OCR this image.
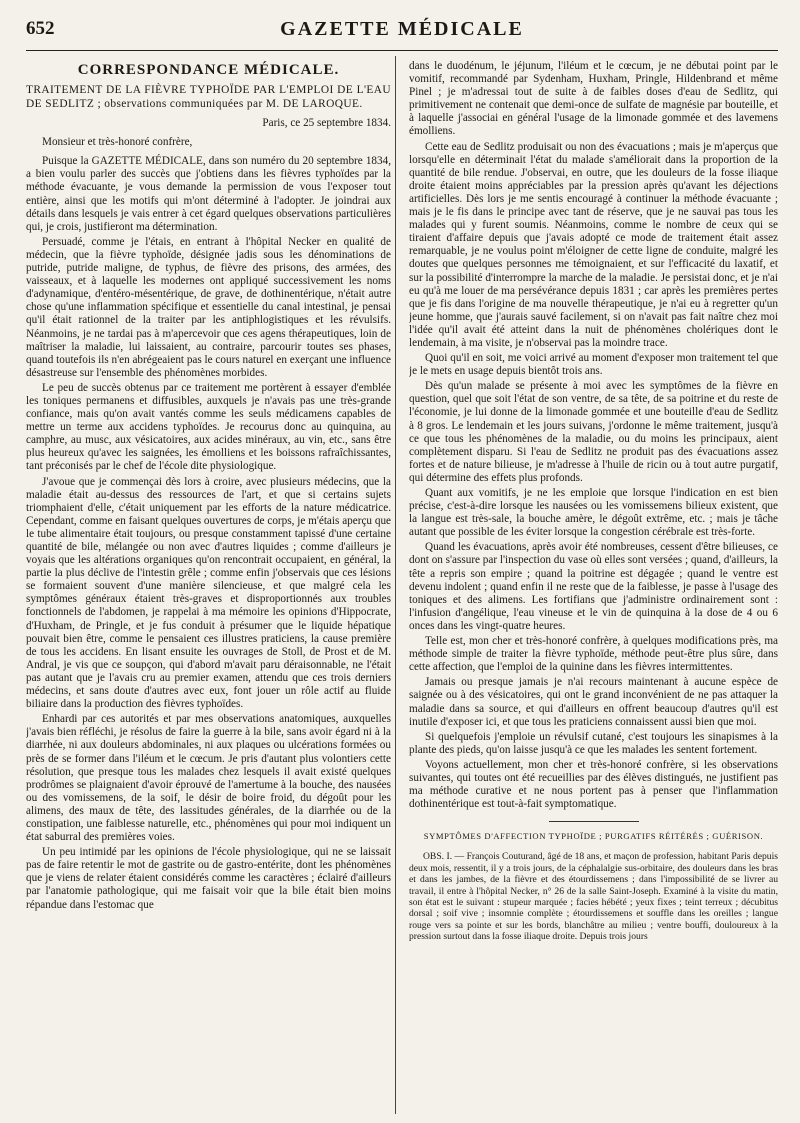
652	GAZETTE MÉDICALE
CORRESPONDANCE MÉDICALE.
TRAITEMENT DE LA FIÈVRE TYPHOÏDE PAR L'EMPLOI DE L'EAU DE SEDLITZ ; observations communiquées par M. DE LAROQUE.

Paris, ce 25 septembre 1834.

Monsieur et très-honoré confrère,

Puisque la GAZETTE MÉDICALE, dans son numéro du 20 septembre 1834, a bien voulu parler des succès que j'obtiens dans les fièvres typhoïdes par la méthode évacuante, je vous demande la permission de vous l'exposer tout entière, ainsi que les motifs qui m'ont déterminé à l'adopter. Je joindrai aux détails dans lesquels je vais entrer à cet égard quelques observations particulières qui, je crois, justifieront ma détermination.

Persuadé, comme je l'étais, en entrant à l'hôpital Necker en qualité de médecin, que la fièvre typhoïde, désignée jadis sous les dénominations de putride, putride maligne, de typhus, de fièvre des prisons, des armées, des vaisseaux, et à laquelle les modernes ont appliqué successivement les noms d'adynamique, d'entéro-mésentérique, de grave, de dothinentérique, n'était autre chose qu'une inflammation spécifique et essentielle du canal intestinal, je pensai qu'il était rationnel de la traiter par les antiphlogistiques et les révulsifs. Néanmoins, je ne tardai pas à m'apercevoir que ces agens thérapeutiques, loin de maîtriser la maladie, lui laissaient, au contraire, parcourir toutes ses phases, quand toutefois ils n'en abrégeaient pas le cours naturel en exerçant une influence désastreuse sur l'ensemble des phénomènes morbides.

Le peu de succès obtenus par ce traitement me portèrent à essayer d'emblée les toniques permanens et diffusibles, auxquels je n'avais pas une très-grande confiance, mais qu'on avait vantés comme les seuls médicamens capables de mettre un terme aux accidens typhoïdes. Je recourus donc au quinquina, au camphre, au musc, aux vésicatoires, aux acides minéraux, au vin, etc., sans être plus heureux qu'avec les saignées, les émolliens et les boissons rafraîchissantes, tant préconisés par le chef de l'école dite physiologique.

J'avoue que je commençai dès lors à croire, avec plusieurs médecins, que la maladie était au-dessus des ressources de l'art, et que si certains sujets triomphaient d'elle, c'était uniquement par les efforts de la nature médicatrice. Cependant, comme en faisant quelques ouvertures de corps, je m'étais aperçu que le tube alimentaire était toujours, ou presque constamment tapissé d'une certaine quantité de bile, mélangée ou non avec d'autres liquides ; comme d'ailleurs je voyais que les altérations organiques qu'on rencontrait occupaient, en général, la partie la plus déclive de l'intestin grêle ; comme enfin j'observais que ces lésions se formaient souvent d'une manière silencieuse, et que malgré cela les symptômes généraux étaient très-graves et disproportionnés aux troubles fonctionnels de l'abdomen, je rappelai à ma mémoire les opinions d'Hippocrate, d'Huxham, de Pringle, et je fus conduit à présumer que le liquide hépatique pouvait bien être, comme le pensaient ces illustres praticiens, la cause première de tous les accidens. En lisant ensuite les ouvrages de Stoll, de Prost et de M. Andral, je vis que ce soupçon, qui d'abord m'avait paru déraisonnable, ne l'était pas autant que je l'avais cru au premier examen, attendu que ces trois derniers médecins, et sans doute d'autres avec eux, font jouer un rôle actif au fluide biliaire dans la production des fièvres typhoïdes.

Enhardi par ces autorités et par mes observations anatomiques, auxquelles j'avais bien réfléchi, je résolus de faire la guerre à la bile, sans avoir égard ni à la diarrhée, ni aux douleurs abdominales, ni aux plaques ou ulcérations formées ou près de se former dans l'iléum et le cœcum. Je pris d'autant plus volontiers cette résolution, que presque tous les malades chez lesquels il avait existé quelques prodrômes se plaignaient d'avoir éprouvé de l'amertume à la bouche, des nausées ou des vomissemens, de la soif, le désir de boire froid, du dégoût pour les alimens, des maux de tête, des lassitudes générales, de la diarrhée ou de la constipation, une faiblesse naturelle, etc., phénomènes qui pour moi indiquent un état saburral des premières voies.

Un peu intimidé par les opinions de l'école physiologique, qui ne se laissait pas de faire retentir le mot de gastrite ou de gastro-entérite, dont les phénomènes que je viens de relater étaient considérés comme les caractères ; éclairé d'ailleurs par l'anatomie pathologique, qui me faisait voir que la bile était bien moins répandue dans l'estomac que

dans le duodénum, le jéjunum, l'iléum et le cœcum, je ne débutai point par le vomitif, recommandé par Sydenham, Huxham, Pringle, Hildenbrand et même Pinel ; je m'adressai tout de suite à de faibles doses d'eau de Sedlitz, qui primitivement ne contenait que demi-once de sulfate de magnésie par bouteille, et à laquelle j'associai en général l'usage de la limonade gommée et des lavemens émolliens.

Cette eau de Sedlitz produisait ou non des évacuations ; mais je m'aperçus que lorsqu'elle en déterminait l'état du malade s'améliorait dans la proportion de la quantité de bile rendue. J'observai, en outre, que les douleurs de la fosse iliaque droite étaient moins appréciables par la pression après qu'avant les déjections artificielles. Dès lors je me sentis encouragé à continuer la méthode évacuante ; mais je le fis dans le principe avec tant de réserve, que je ne sauvai pas tous les malades qui y furent soumis. Néanmoins, comme le nombre de ceux qui se tiraient d'affaire depuis que j'avais adopté ce mode de traitement était assez remarquable, je ne voulus point m'éloigner de cette ligne de conduite, malgré les doutes que quelques personnes me témoignaient, et sur l'efficacité du laxatif, et sur la possibilité d'interrompre la marche de la maladie. Je persistai donc, et je n'ai eu qu'à me louer de ma persévérance depuis 1831 ; car après les premières pertes que je fis dans l'origine de ma nouvelle thérapeutique, je n'ai eu à regretter qu'un jeune homme, que j'aurais sauvé facilement, si on n'avait pas fait naître chez moi l'idée qu'il avait été atteint dans la nuit de phénomènes cholériques dont le lendemain, à ma visite, je n'observai pas la moindre trace.

Quoi qu'il en soit, me voici arrivé au moment d'exposer mon traitement tel que je le mets en usage depuis bientôt trois ans.

Dès qu'un malade se présente à moi avec les symptômes de la fièvre en question, quel que soit l'état de son ventre, de sa tête, de sa poitrine et du reste de l'économie, je lui donne de la limonade gommée et une bouteille d'eau de Sedlitz à 8 gros. Le lendemain et les jours suivans, j'ordonne le même traitement, jusqu'à ce que tous les phénomènes de la maladie, ou du moins les principaux, aient complètement disparu. Si l'eau de Sedlitz ne produit pas des évacuations assez fortes et de nature bilieuse, je m'adresse à l'huile de ricin ou à tout autre purgatif, qui détermine des effets plus profonds.

Quant aux vomitifs, je ne les emploie que lorsque l'indication en est bien précise, c'est-à-dire lorsque les nausées ou les vomissemens bilieux existent, que la langue est très-sale, la bouche amère, le dégoût extrême, etc. ; mais je tâche autant que possible de les éviter lorsque la congestion cérébrale est très-forte.

Quand les évacuations, après avoir été nombreuses, cessent d'être bilieuses, ce dont on s'assure par l'inspection du vase où elles sont versées ; quand, d'ailleurs, la tête a repris son empire ; quand la poitrine est dégagée ; quand le ventre est devenu indolent ; quand enfin il ne reste que de la faiblesse, je passe à l'usage des toniques et des alimens. Les fortifians que j'administre ordinairement sont : l'infusion d'angélique, l'eau vineuse et le vin de quinquina à la dose de 4 ou 6 onces dans les vingt-quatre heures.

Telle est, mon cher et très-honoré confrère, à quelques modifications près, ma méthode simple de traiter la fièvre typhoïde, méthode peut-être plus sûre, dans cette affection, que l'emploi de la quinine dans les fièvres intermittentes.

Jamais ou presque jamais je n'ai recours maintenant à aucune espèce de saignée ou à des vésicatoires, qui ont le grand inconvénient de ne pas attaquer la maladie dans sa source, et qui d'ailleurs en offrent beaucoup d'autres qu'il est inutile d'exposer ici, et que tous les praticiens connaissent aussi bien que moi.

Si quelquefois j'emploie un révulsif cutané, c'est toujours les sinapismes à la plante des pieds, qu'on laisse jusqu'à ce que les malades les sentent fortement.

Voyons actuellement, mon cher et très-honoré confrère, si les observations suivantes, qui toutes ont été recueillies par des élèves distingués, ne justifient pas ma méthode curative et ne nous portent pas à penser que l'inflammation dothinentérique est tout-à-fait symptomatique.

SYMPTÔMES D'AFFECTION TYPHOÏDE ; PURGATIFS RÉITÉRÉS ; GUÉRISON.

OBS. I. — François Couturand, âgé de 18 ans, et maçon de profession, habitant Paris depuis deux mois, ressentit, il y a trois jours, de la céphalalgie sus-orbitaire, des douleurs dans les bras et dans les jambes, de la fièvre et des étourdissemens ; dans l'impossibilité de se livrer au travail, il entre à l'hôpital Necker, n° 26 de la salle Saint-Joseph. Examiné à la visite du matin, son état est le suivant : stupeur marquée ; facies hébété ; yeux fixes ; teint terreux ; décubitus dorsal ; soif vive ; insomnie complète ; étourdissemens et souffle dans les oreilles ; langue rouge vers sa pointe et sur les bords, blanchâtre au milieu ; ventre bouffi, douloureux à la pression surtout dans la fosse iliaque droite. Depuis trois jours
